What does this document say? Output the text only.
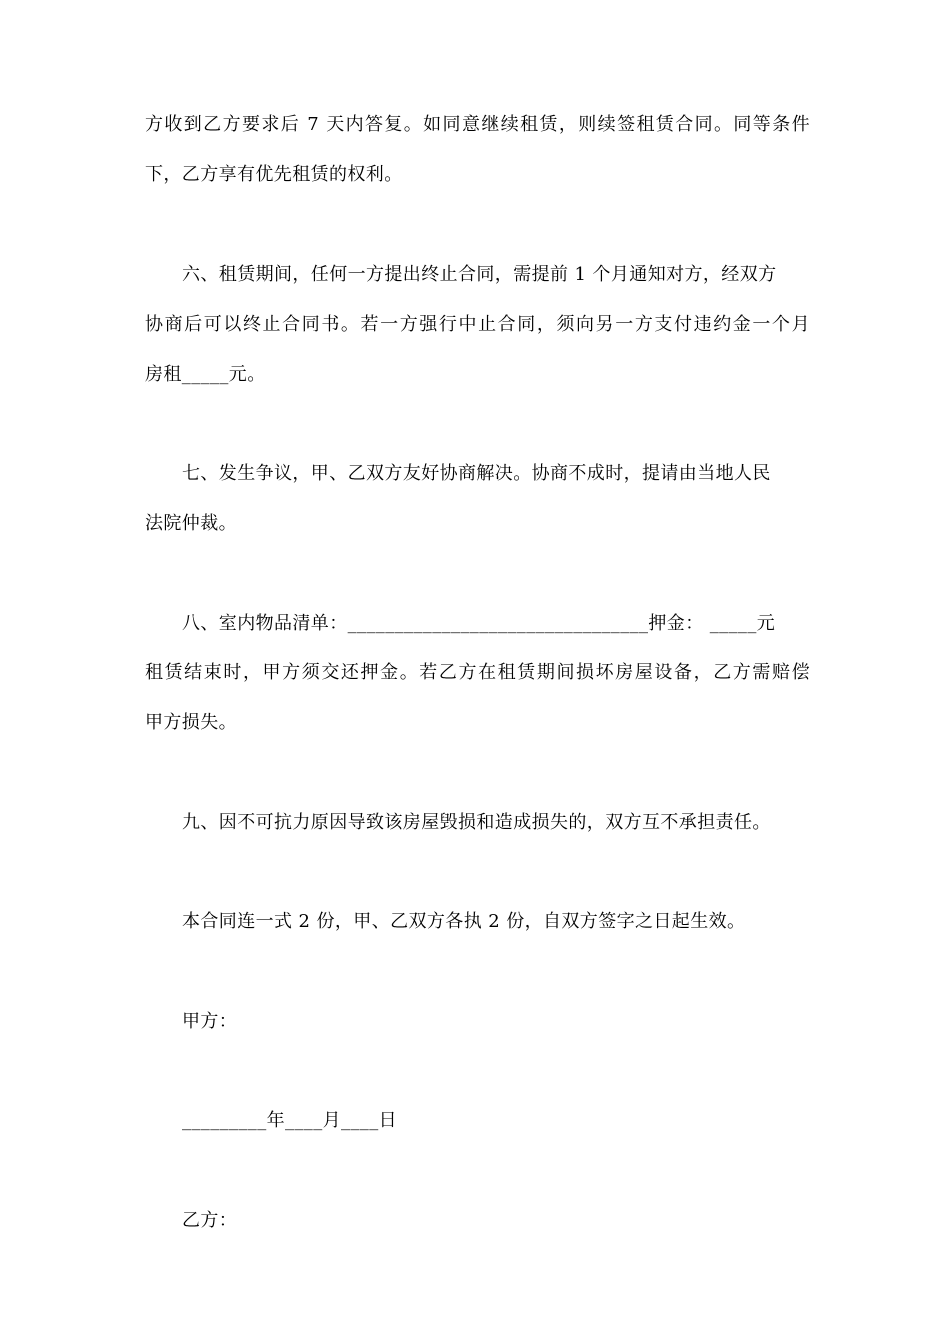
方收到乙方要求后 7 天内答复。如同意继续租赁，则续签租赁合同。同等条件
下，乙方享有优先租赁的权利。
六、租赁期间，任何一方提出终止合同，需提前 1 个月通知对方，经双方
协商后可以终止合同书。若一方强行中止合同，须向另一方支付违约金一个月
房租_____元。
七、发生争议，甲、乙双方友好协商解决。协商不成时，提请由当地人民
法院仲裁。
八、室内物品清单：________________________________押金： _____元
租赁结束时，甲方须交还押金。若乙方在租赁期间损坏房屋设备，乙方需赔偿
甲方损失。
九、因不可抗力原因导致该房屋毁损和造成损失的，双方互不承担责任。
本合同连一式 2 份，甲、乙双方各执 2 份，自双方签字之日起生效。
甲方：
_________年____月____日
乙方：
